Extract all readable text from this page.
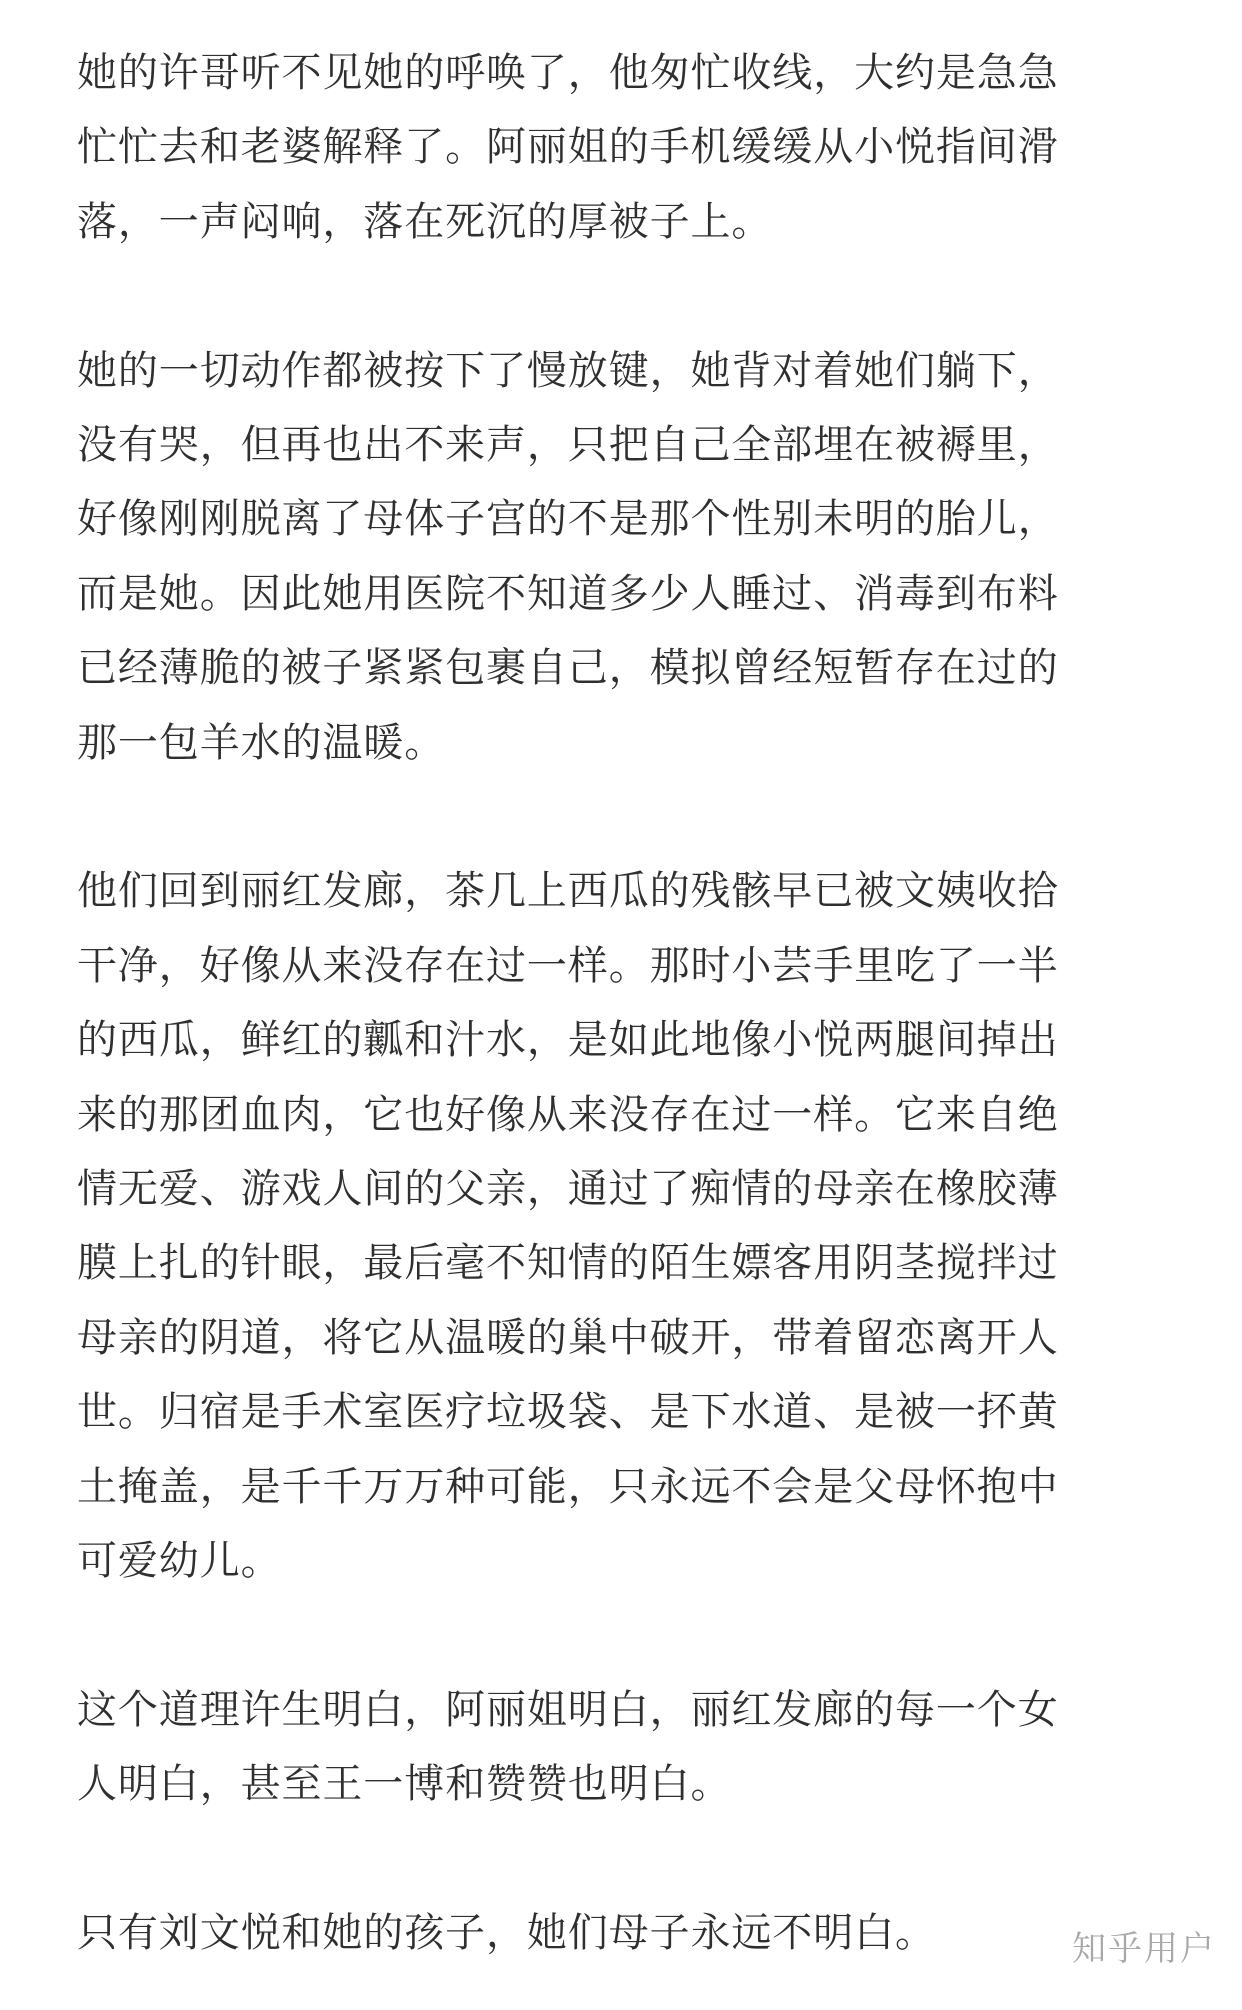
她的许哥听不见她的呼唤了，他匆忙收线，大约是急急
忙忙去和老婆解释了。阿丽姐的手机缓缓从小悦指间滑
落，一声闷响，落在死沉的厚被子上。

她的一切动作都被按下了慢放键，她背对着她们躺下，
没有哭，但再也出不来声，只把自己全部埋在被褥里，
好像刚刚脱离了母体子宫的不是那个性别未明的胎儿，
而是她。因此她用医院不知道多少人睡过、消毒到布料
已经薄脆的被子紧紧包裹自己，模拟曾经短暂存在过的
那一包羊水的温暖。

他们回到丽红发廊，茶几上西瓜的残骸早已被文姨收拾
干净，好像从来没存在过一样。那时小芸手里吃了一半
的西瓜，鲜红的瓤和汁水，是如此地像小悦两腿间掉出
来的那团血肉，它也好像从来没存在过一样。它来自绝
情无爱、游戏人间的父亲，通过了痴情的母亲在橡胶薄
膜上扎的针眼，最后毫不知情的陌生嫖客用阴茎搅拌过
母亲的阴道，将它从温暖的巢中破开，带着留恋离开人
世。归宿是手术室医疗垃圾袋、是下水道、是被一抔黄
土掩盖，是千千万万种可能，只永远不会是父母怀抱中
可爱幼儿。

这个道理许生明白，阿丽姐明白，丽红发廊的每一个女
人明白，甚至王一博和赞赞也明白。

只有刘文悦和她的孩子，她们母子永远不明白。	知乎用户
